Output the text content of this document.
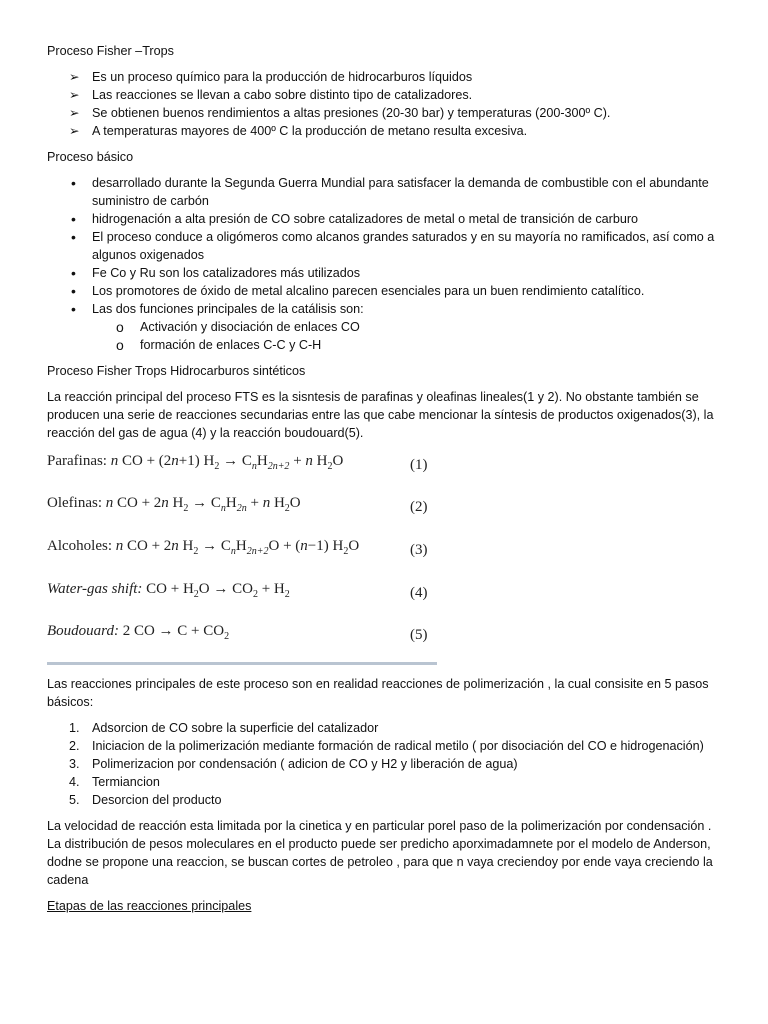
Proceso Fisher –Trops

➢ Es un proceso químico para la producción de hidrocarburos líquidos
➢ Las reacciones se llevan a cabo sobre distinto tipo de catalizadores.
➢ Se obtienen buenos rendimientos a altas presiones (20-30 bar) y temperaturas (200-300º C).
➢ A temperaturas mayores de 400º C la producción de metano resulta excesiva.

Proceso básico

• desarrollado durante la Segunda Guerra Mundial para satisfacer la demanda de combustible con el abundante suministro de carbón
• hidrogenación a alta presión de CO sobre catalizadores de metal o metal de transición de carburo
• El proceso conduce a oligómeros como alcanos grandes saturados y en su mayoría no ramificados, así como a algunos oxigenados
• Fe Co y Ru son los catalizadores más utilizados
• Los promotores de óxido de metal alcalino parecen esenciales para un buen rendimiento catalítico.
• Las dos funciones principales de la catálisis son:
o Activación y disociación de enlaces CO
o formación de enlaces C-C y C-H

Proceso Fisher Trops Hidrocarburos sintéticos

La reacción principal del proceso FTS es la sisntesis de parafinas y oleafinas lineales(1 y 2). No obstante también se producen una serie de reacciones secundarias entre las que cabe mencionar la síntesis de productos oxigenados(3), la reacción del gas de agua (4) y la reacción boudouard(5).

Parafinas: n CO + (2n+1) $H_2 \to C_nH_{2n+2} + n$ $H_2O$	(1)
Olefinas: n CO + 2n $H_2 \to C_nH_{2n} + n$ $H_2O$	(2)
Alcoholes: n CO + 2n $H_2 \to C_nH_{2n+2}O + (n-1)$ $H_2O$	(3)
Water-gas shift: CO + $H_2O \to CO_2 + H_2$	(4)
Boudouard: 2 CO → $C + CO_2$	(5)

Las reacciones principales de este proceso son en realidad reacciones de polimerización , la cual consisite en 5 pasos básicos:

1. Adsorcion de CO sobre la superficie del catalizador
2. Iniciacion de la polimerización mediante formación de radical metilo ( por disociación del CO e hidrogenación)
3. Polimerizacion por condensación ( adicion de CO y H2 y liberación de agua)
4. Termiancion
5. Desorcion del producto

La velocidad de reacción esta limitada por la cinetica y en particular porel paso de la polimerización por condensación . La distribución de pesos moleculares en el producto puede ser predicho aporximadamnete por el modelo de Anderson, dodne se propone una reaccion, se buscan cortes de petroleo , para que n vaya creciendoy por ende vaya creciendo la cadena

Etapas de las reacciones principales
